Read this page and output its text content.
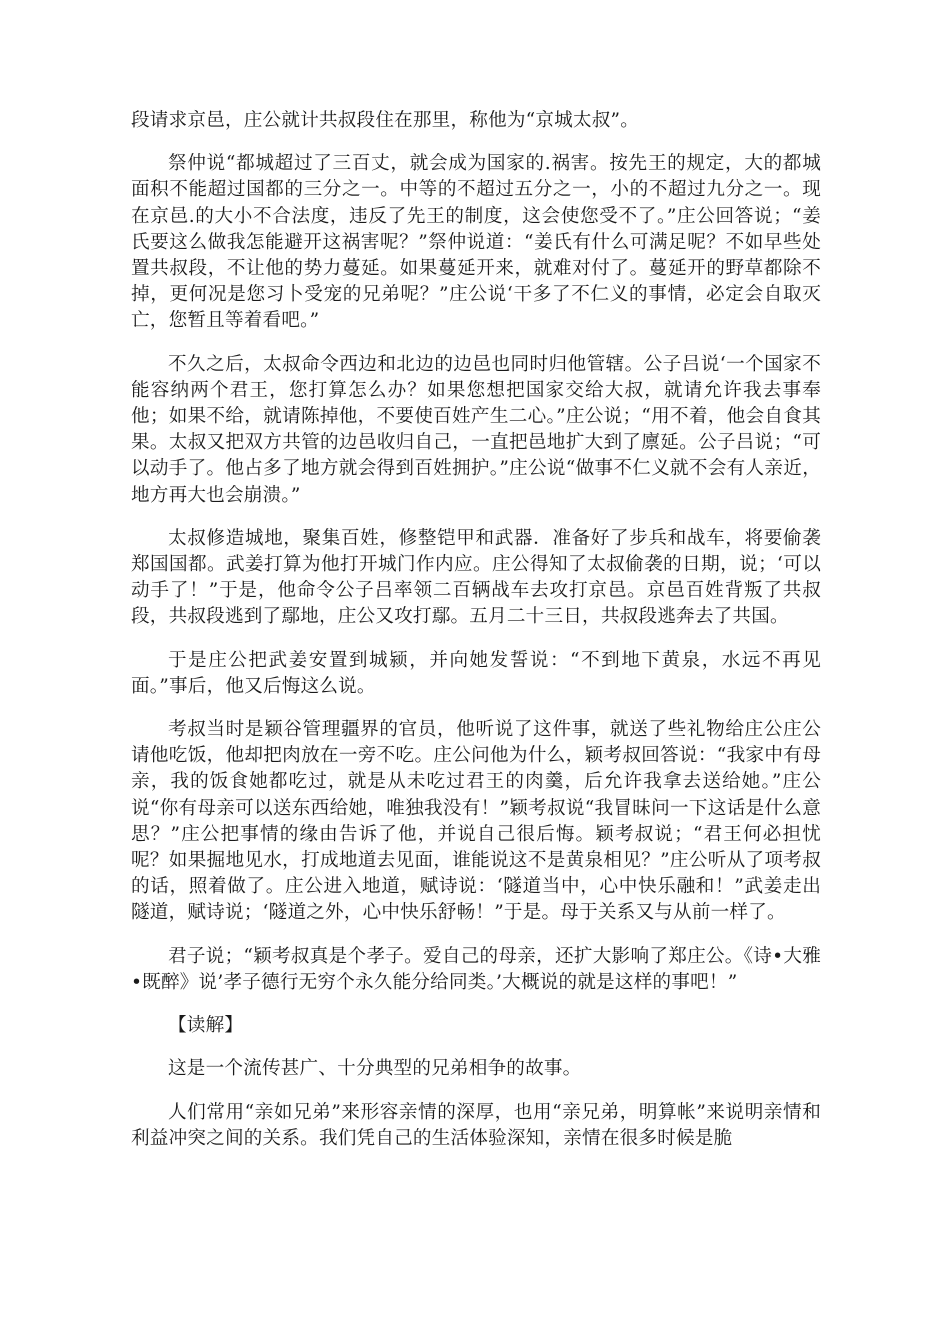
段请求京邑，庄公就计共叔段住在那里，称他为“京城太叔”。

祭仲说“都城超过了三百丈，就会成为国家的.祸害。按先王的规定，大的都城面积不能超过国都的三分之一。中等的不超过五分之一，小的不超过九分之一。现在京邑.的大小不合法度，违反了先王的制度，这会使您受不了。”庄公回答说；“姜氏要这么做我怎能避开这祸害呢？”祭仲说道：“姜氏有什么可满足呢？不如早些处置共叔段，不让他的势力蔓延。如果蔓延开来，就难对付了。蔓延开的野草都除不掉，更何况是您习卜受宠的兄弟呢？”庄公说‘干多了不仁义的事情，必定会自取灭亡，您暂且等着看吧。”

不久之后，太叔命令西边和北边的边邑也同时归他管辖。公子吕说‘一个国家不能容纳两个君王，您打算怎么办？如果您想把国家交给大叔，就请允许我去事奉他；如果不给，就请陈掉他，不要使百姓产生二心。”庄公说；“用不着，他会自食其果。太叔又把双方共管的边邑收归自己，一直把邑地扩大到了廪延。公子吕说；“可以动手了。他占多了地方就会得到百姓拥护。”庄公说“做事不仁义就不会有人亲近，地方再大也会崩溃。”

太叔修造城地，聚集百姓，修整铠甲和武器．准备好了步兵和战车，将要偷袭郑国国都。武姜打算为他打开城门作内应。庄公得知了太叔偷袭的日期，说；‘可以动手了！”于是，他命令公子吕率领二百辆战车去攻打京邑。京邑百姓背叛了共叔段，共叔段逃到了鄢地，庄公又攻打鄢。五月二十三日，共叔段逃奔去了共国。

于是庄公把武姜安置到城颍，并向她发誓说：“不到地下黄泉，水远不再见面。”事后，他又后悔这么说。

考叔当时是颖谷管理疆界的官员，他听说了这件事，就送了些礼物给庄公庄公请他吃饭，他却把肉放在一旁不吃。庄公问他为什么，颖考叔回答说：“我家中有母亲，我的饭食她都吃过，就是从未吃过君王的肉羹，后允许我拿去送给她。”庄公说“你有母亲可以送东西给她，唯独我没有！”颖考叔说“我冒昧问一下这话是什么意思？”庄公把事情的缘由告诉了他，并说自己很后悔。颖考叔说；“君王何必担忧呢？如果掘地见水，打成地道去见面，谁能说这不是黄泉相见？”庄公听从了项考叔的话，照着做了。庄公进入地道，赋诗说：‘隧道当中，心中快乐融和！”武姜走出隧道，赋诗说；‘隧道之外，心中快乐舒畅！”于是。母于关系又与从前一样了。

君子说；“颖考叔真是个孝子。爱自己的母亲，还扩大影响了郑庄公。《诗•大雅•既醉》说’孝子德行无穷个永久能分给同类。’大概说的就是这样的事吧！”

【读解】

这是一个流传甚广、十分典型的兄弟相争的故事。

人们常用“亲如兄弟”来形容亲情的深厚，也用“亲兄弟，明算帐”来说明亲情和利益冲突之间的关系。我们凭自己的生活体验深知，亲情在很多时候是脆
